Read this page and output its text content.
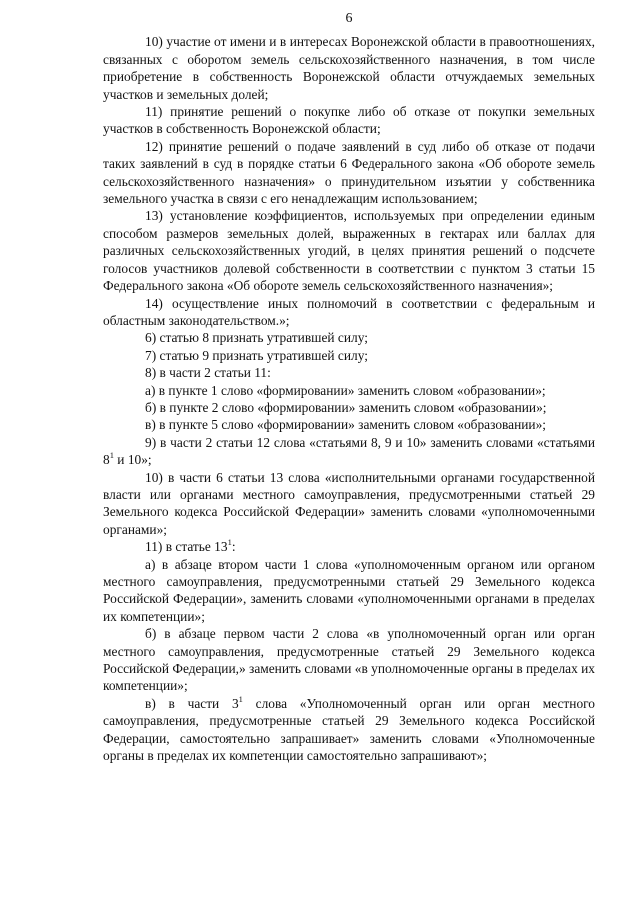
6

10) участие от имени и в интересах Воронежской области в правоотношениях, связанных с оборотом земель сельскохозяйственного назначения, в том числе приобретение в собственность Воронежской области отчуждаемых земельных участков и земельных долей;

11) принятие решений о покупке либо об отказе от покупки земельных участков в собственность Воронежской области;

12) принятие решений о подаче заявлений в суд либо об отказе от подачи таких заявлений в суд в порядке статьи 6 Федерального закона «Об обороте земель сельскохозяйственного назначения» о принудительном изъятии у собственника земельного участка в связи с его ненадлежащим использованием;

13) установление коэффициентов, используемых при определении единым способом размеров земельных долей, выраженных в гектарах или баллах для различных сельскохозяйственных угодий, в целях принятия решений о подсчете голосов участников долевой собственности в соответствии с пунктом 3 статьи 15 Федерального закона «Об обороте земель сельскохозяйственного назначения»;

14) осуществление иных полномочий в соответствии с федеральным и областным законодательством.»;

6) статью 8 признать утратившей силу;

7) статью 9 признать утратившей силу;

8) в части 2 статьи 11:

а) в пункте 1 слово «формировании» заменить словом «образовании»;

б) в пункте 2 слово «формировании» заменить словом «образовании»;

в) в пункте 5 слово «формировании» заменить словом «образовании»;

9) в части 2 статьи 12 слова «статьями 8, 9 и 10» заменить словами «статьями $8^1$ и 10»;

10) в части 6 статьи 13 слова «исполнительными органами государственной власти или органами местного самоуправления, предусмотренными статьей 29 Земельного кодекса Российской Федерации» заменить словами «уполномоченными органами»;

11) в статье $13^1$:

а) в абзаце втором части 1 слова «уполномоченным органом или органом местного самоуправления, предусмотренными статьей 29 Земельного кодекса Российской Федерации», заменить словами «уполномоченными органами в пределах их компетенции»;

б) в абзаце первом части 2 слова «в уполномоченный орган или орган местного самоуправления, предусмотренные статьей 29 Земельного кодекса Российской Федерации,» заменить словами «в уполномоченные органы в пределах их компетенции»;

в) в части $3^1$ слова «Уполномоченный орган или орган местного самоуправления, предусмотренные статьей 29 Земельного кодекса Российской Федерации, самостоятельно запрашивает» заменить словами «Уполномоченные органы в пределах их компетенции самостоятельно запрашивают»;
